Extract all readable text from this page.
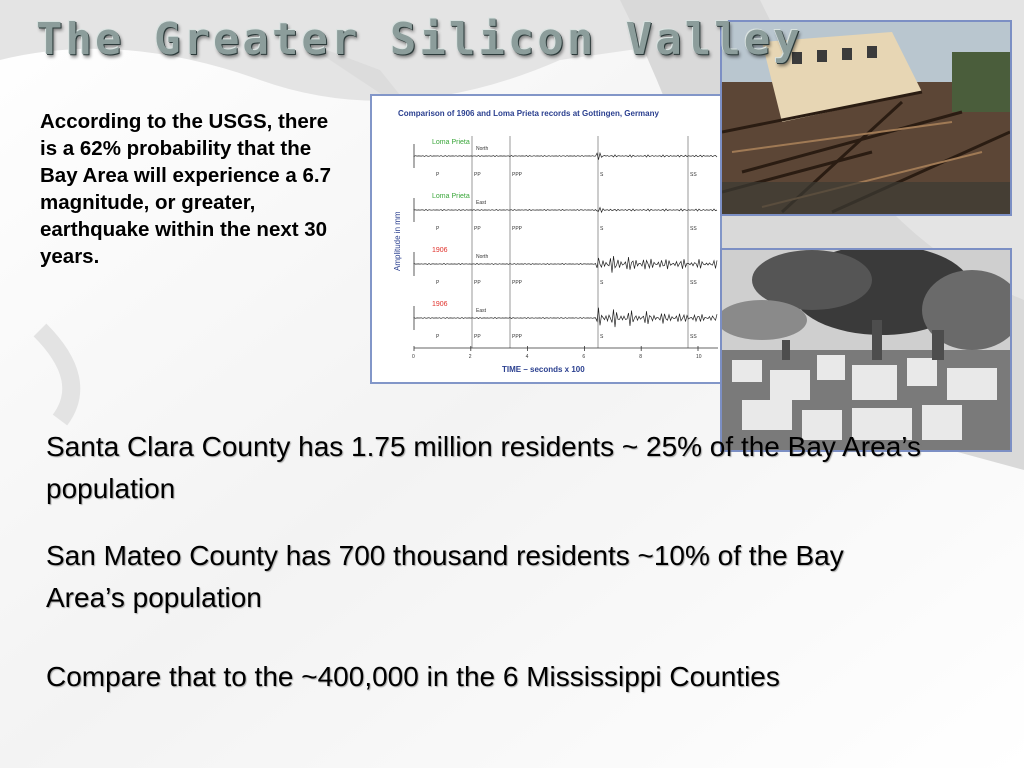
The Greater Silicon Valley
According to the USGS, there is a 62% probability that the Bay Area will experience a 6.7 magnitude, or greater, earthquake within the next 30 years.
Comparison of 1906 and Loma Prieta records at Gottingen, Germany
Amplitude in mm
TIME – seconds x 100
Loma Prieta
North
P	PP	PPP	S	SS
Loma Prieta
East
P	PP	PPP	S	SS
1906
North
P	PP	PPP	S	SS
1906
East
P	PP	PPP	S	SS
0	2	4	6	8	10
Santa Clara County has 1.75 million residents ~ 25% of the Bay Area’s population
San Mateo County has 700 thousand residents ~10% of the Bay Area’s population
Compare that to the ~400,000 in the 6 Mississippi Counties
